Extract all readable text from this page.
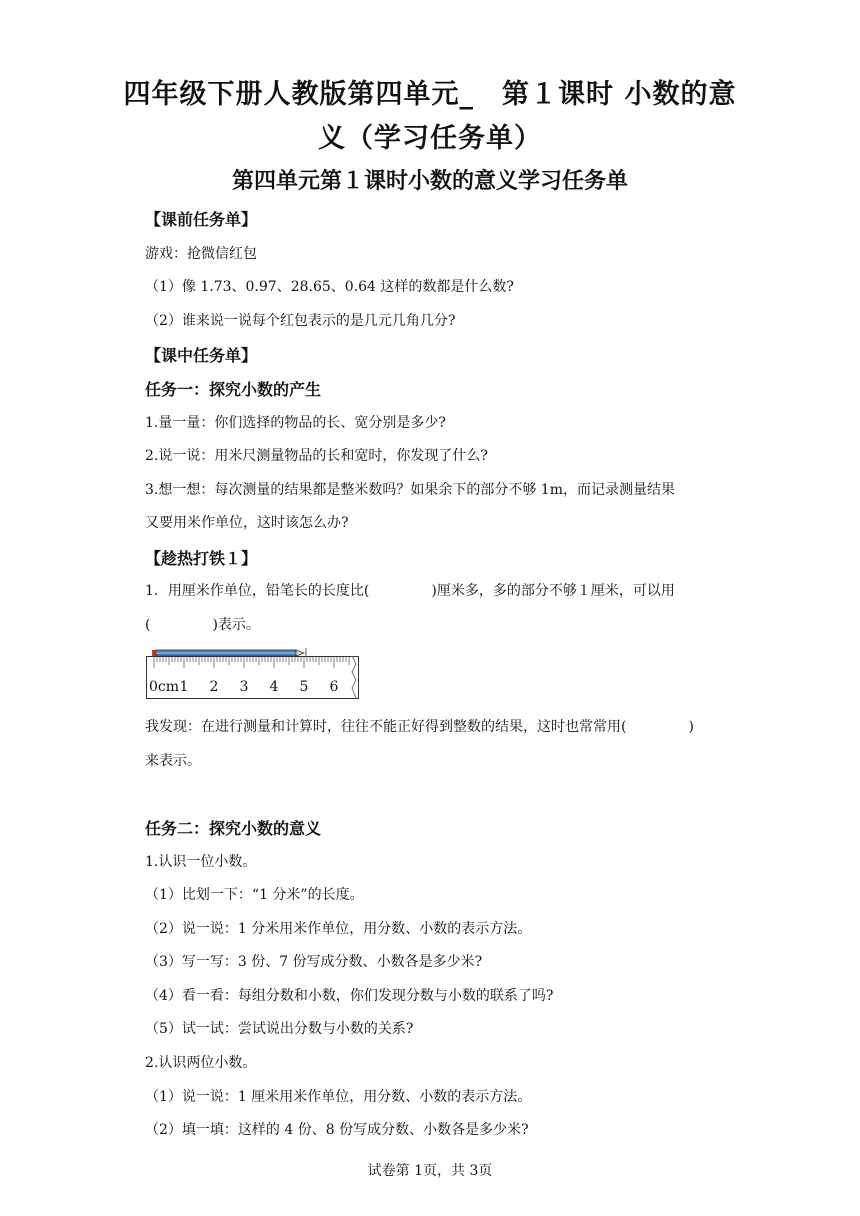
四年级下册人教版第四单元_　第１课时 小数的意
义（学习任务单）
第四单元第１课时小数的意义学习任务单
【课前任务单】
游戏：抢微信红包
（1）像 1.73、0.97、28.65、0.64 这样的数都是什么数?
（2）谁来说一说每个红包表示的是几元几角几分?
【课中任务单】
任务一：探究小数的产生
1.量一量：你们选择的物品的长、宽分别是多少?
2.说一说：用米尺测量物品的长和宽时，你发现了什么?
3.想一想：每次测量的结果都是整米数吗？如果余下的部分不够 1m，而记录测量结果
又要用米作单位，这时该怎么办?
【趁热打铁１】
1．用厘米作单位，铅笔长的长度比(	)厘米多，多的部分不够１厘米，可以用
(	)表示。
0cm 1 2 3 4 5 6
我发现：在进行测量和计算时，往往不能正好得到整数的结果，这时也常常用(	)
来表示。
任务二：探究小数的意义
1.认识一位小数。
（1）比划一下：“1 分米”的长度。
（2）说一说：1 分米用米作单位，用分数、小数的表示方法。
（3）写一写：3 份、7 份写成分数、小数各是多少米?
（4）看一看：每组分数和小数，你们发现分数与小数的联系了吗?
（5）试一试：尝试说出分数与小数的关系?
2.认识两位小数。
（1）说一说：1 厘米用米作单位，用分数、小数的表示方法。
（2）填一填：这样的 4 份、8 份写成分数、小数各是多少米?
试卷第 1页，共 3页
